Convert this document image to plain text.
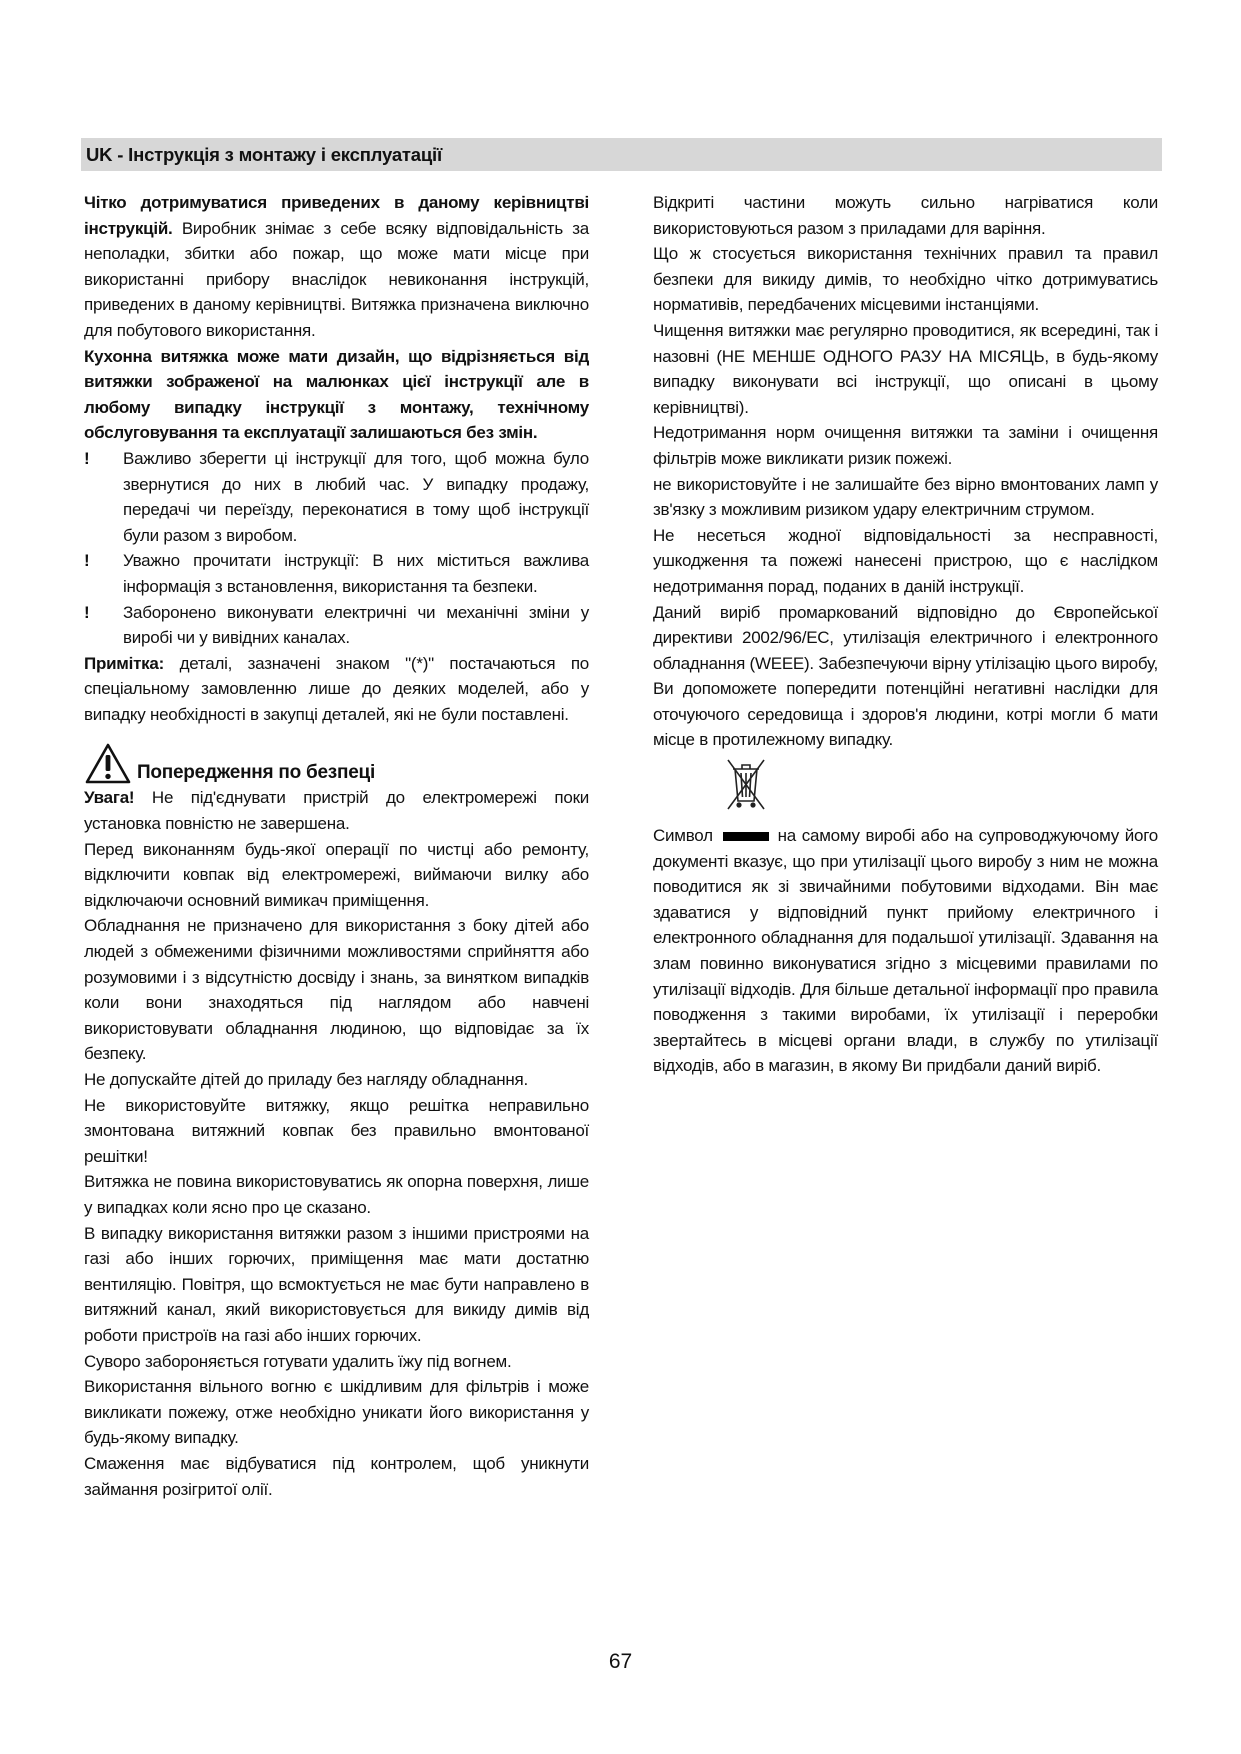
UK - Інструкція з монтажу і експлуатації

Чітко дотримуватися приведених в даному керівництві інструкцій. Виробник знімає з себе всяку відповідальність за неполадки, збитки або пожар, що може мати місце при використанні прибору внаслідок невиконання інструкцій, приведених в даному керівництві. Витяжка призначена виключно для побутового використання.

Кухонна витяжка може мати дизайн, що відрізняється від витяжки зображеної на малюнках цієї інструкції але в любому випадку інструкції з монтажу, технічному обслуговування та експлуатації залишаються без змін.

!	Важливо зберегти ці інструкції для того, щоб можна було звернутися до них в любий час. У випадку продажу, передачі чи переїзду, переконатися в тому щоб інструкції були разом з виробом.
!	Уважно прочитати інструкції: В них міститься важлива інформація з встановлення, використання та безпеки.
!	Заборонено виконувати електричні чи механічні зміни у виробі чи у вивідних каналах.

Примітка: деталі, зазначені знаком "(*)" постачаються по спеціальному замовленню лише до деяких моделей, або у випадку необхідності в закупці деталей, які не були поставлені.

Попередження по безпеці

Увага! Не під'єднувати пристрій до електромережі поки установка повністю не завершена.

Перед виконанням будь-якої операції по чистці або ремонту, відключити ковпак від електромережі, виймаючи вилку або відключаючи основний вимикач приміщення.

Обладнання не призначено для використання з боку дітей або людей з обмеженими фізичними можливостями сприйняття або розумовими і з відсутністю досвіду і знань, за винятком випадків коли вони знаходяться під наглядом або навчені використовувати обладнання людиною, що відповідає за їх безпеку.

Не допускайте дітей до приладу без нагляду обладнання.

Не використовуйте витяжку, якщо решітка неправильно змонтована витяжний ковпак без правильно вмонтованої решітки!

Витяжка не повина використовуватись як опорна поверхня, лише у випадках коли ясно про це сказано.

В випадку використання витяжки разом з іншими пристроями на газі або інших горючих, приміщення має мати достатню вентиляцію. Повітря, що всмоктується не має бути направлено в витяжний канал, який використовується для викиду димів від роботи пристроїв на газі або інших горючих.

Суворо забороняється готувати удалить їжу під вогнем.

Використання вільного вогню є шкідливим для фільтрів і може викликати пожежу, отже необхідно уникати його використання у будь-якому випадку.

Смаження має відбуватися під контролем, щоб уникнути займання розігритої олії.

Відкриті частини можуть сильно нагріватися коли використовуються разом з приладами для варіння.

Що ж стосується використання технічних правил та правил безпеки для викиду димів, то необхідно чітко дотримуватись нормативів, передбачених місцевими інстанціями.

Чищення витяжки має регулярно проводитися, як всередині, так і назовні (НЕ МЕНШЕ ОДНОГО РАЗУ НА МІСЯЦЬ, в будь-якому випадку виконувати всі інструкції, що описані в цьому керівництві).

Недотримання норм очищення витяжки та заміни і очищення фільтрів може викликати ризик пожежі.

не використовуйте і не залишайте без вірно вмонтованих ламп у зв'язку з можливим ризиком удару електричним струмом.

Не несеться жодної відповідальності за несправності, ушкодження та пожежі нанесені пристрою, що є наслідком недотримання порад, поданих в даній інструкції.

Даний виріб промаркований відповідно до Європейської директиви 2002/96/EC, утилізація електричного і електронного обладнання (WEEE). Забезпечуючи вірну утілізацію цього виробу, Ви допоможете попередити потенційні негативні наслідки для оточуючого середовища і здоров'я людини, котрі могли б мати місце в протилежному випадку.

Символ	на самому виробі або на супроводжуючому його документі вказує, що при утилізації цього виробу з ним не можна поводитися як зі звичайними побутовими відходами. Він має здаватися у відповідний пункт прийому електричного і електронного обладнання для подальшої утилізації. Здавання на злам повинно виконуватися згідно з місцевими правилами по утилізації відходів. Для більше детальної інформації про правила поводження з такими виробами, їх утилізації і переробки звертайтесь в місцеві органи влади, в службу по утилізації відходів, або в магазин, в якому Ви придбали даний виріб.

67
